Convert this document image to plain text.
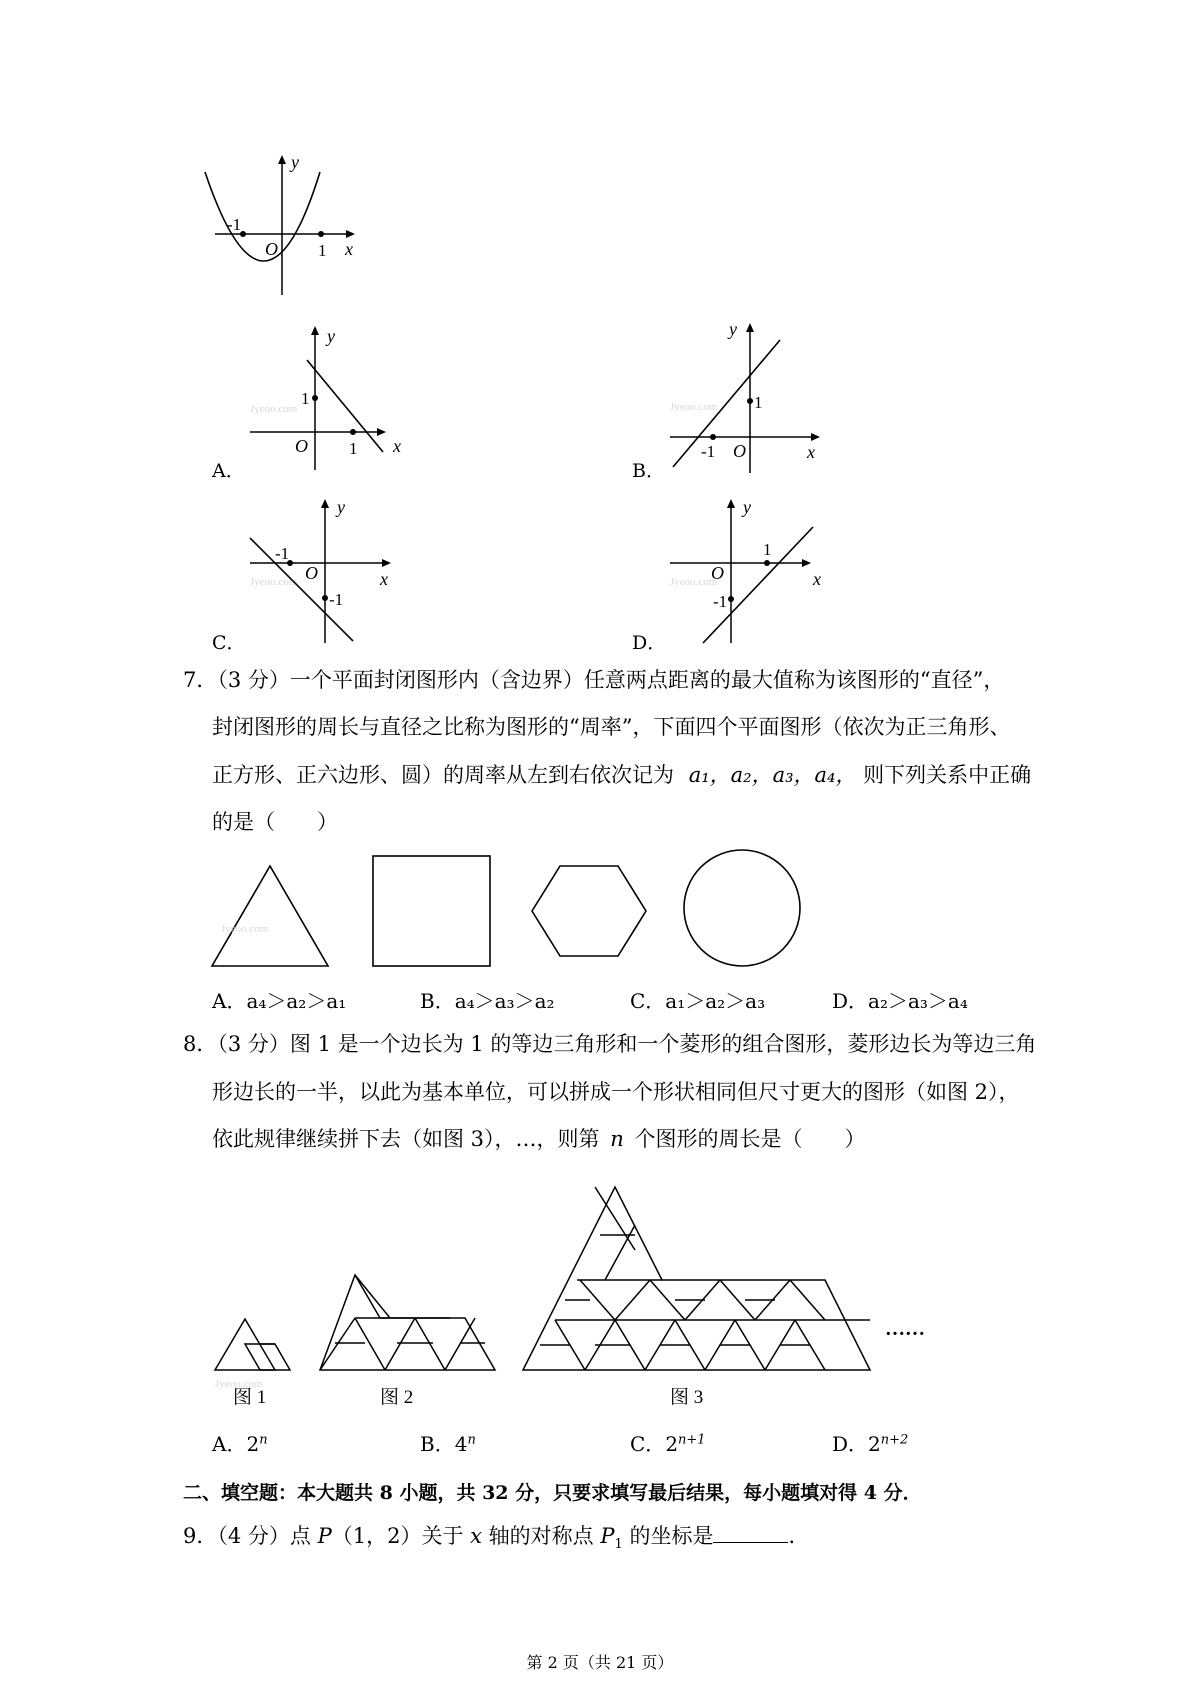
y
x
O
-1
1
A．
Jyeoo.com
y
x
O
1
1
B．
Jyeoo.com
y
x
O
1
-1
C．
Jyeoo.com
y
x
O
-1
-1
D．
Jyeoo.com
y
x
O
-1
1
7．（3 分）一个平面封闭图形内（含边界）任意两点距离的最大值称为该图形的“直径”，
封闭图形的周长与直径之比称为图形的“周率”，下面四个平面图形（依次为正三角形、
正方形、正六边形、圆）的周率从左到右依次记为 a₁，a₂，a₃，a₄， 则下列关系中正确
的是（　　）
Jyeoo.com
A．a₄＞a₂＞a₁	B．a₄＞a₃＞a₂	C．a₁＞a₂＞a₃	D．a₂＞a₃＞a₄
8．（3 分）图 1 是一个边长为 1 的等边三角形和一个菱形的组合图形，菱形边长为等边三角
形边长的一半，以此为基本单位，可以拼成一个形状相同但尺寸更大的图形（如图 2），
依此规律继续拼下去（如图 3），…，则第 n 个图形的周长是（　　）
Jyeoo.com
……
图 1	图 2	图 3
A．2$^n$	B．4$^n$	C．$2^{n+1}$	D．$2^{n+2}$
二、填空题：本大题共 8 小题，共 32 分，只要求填写最后结果，每小题填对得 4 分．
9．（4 分）点 P（1，2）关于 x 轴的对称点 $P_1$ 的坐标是	．
第 2 页（共 21 页）
